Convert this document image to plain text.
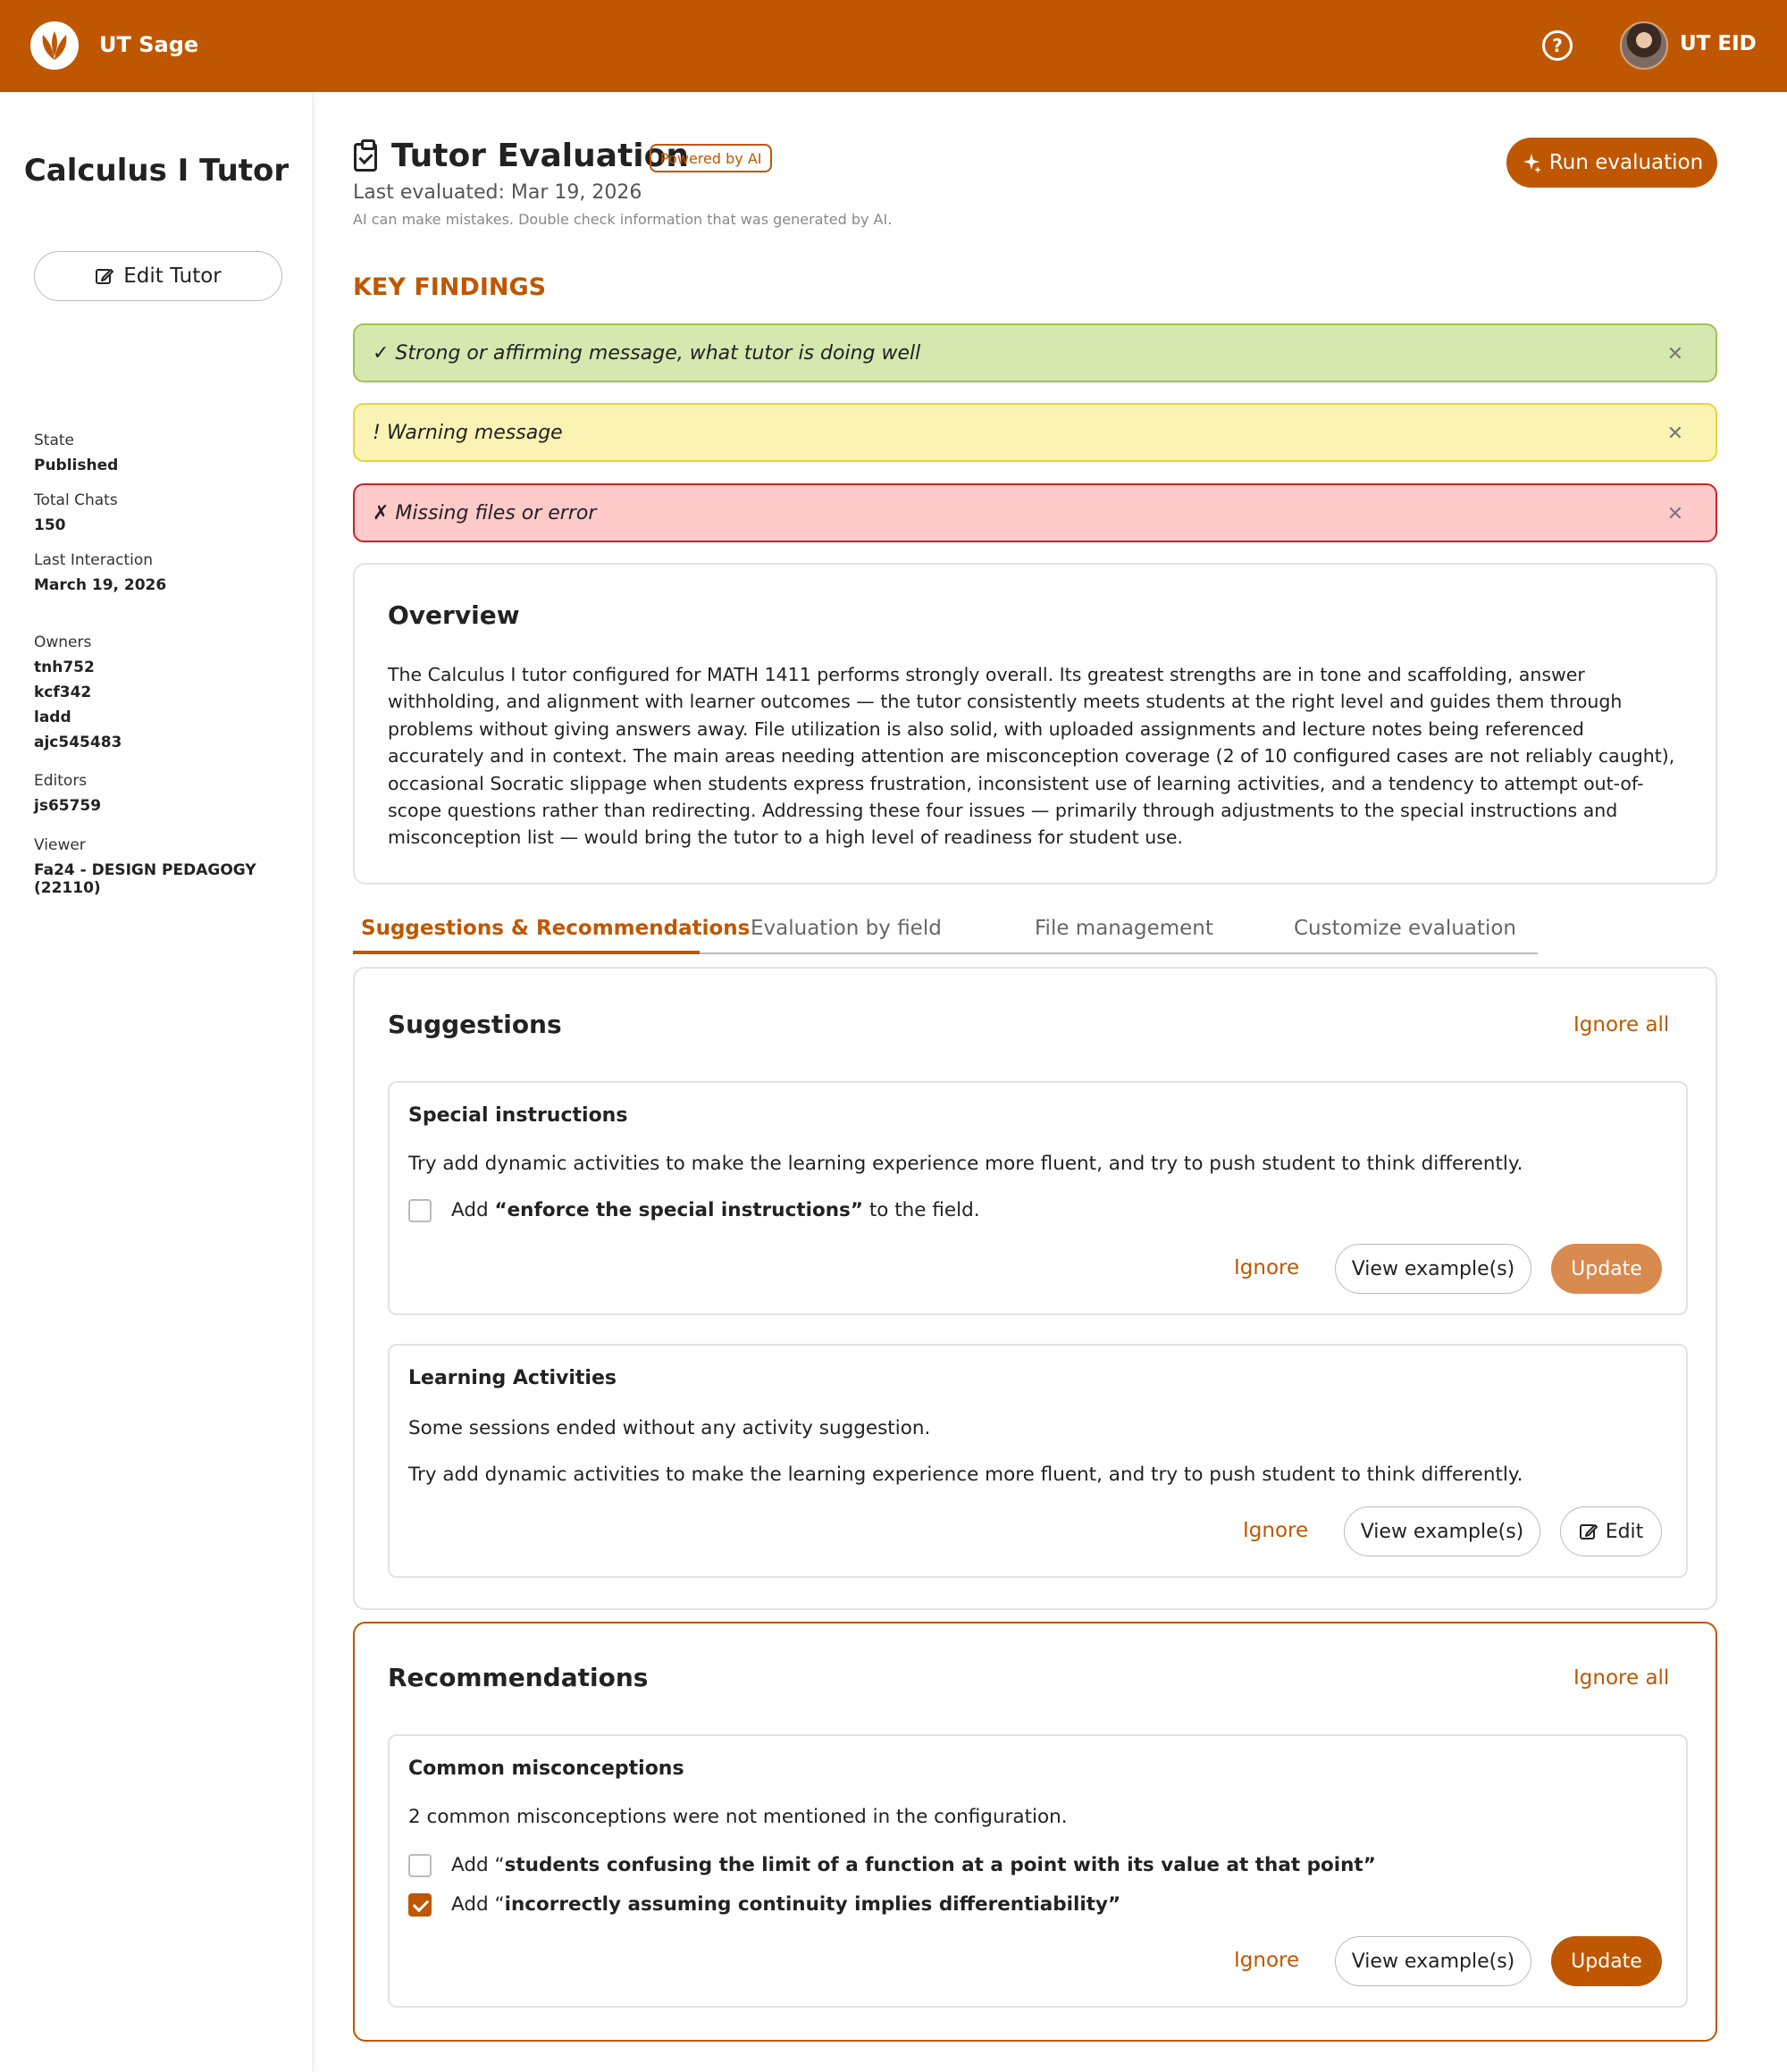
UT Sage	?	UT EID
Calculus I Tutor
Edit Tutor
State
Published
Total Chats
150
Last Interaction
March 19, 2026
Owners
tnh752
kcf342
ladd
ajc545483
Editors
js65759
Viewer
Fa24 - DESIGN PEDAGOGY (22110)
Tutor Evaluation
Powered by AI
Last evaluated: Mar 19, 2026
AI can make mistakes. Double check information that was generated by AI.
Run evaluation
KEY FINDINGS
✓ Strong or affirming message, what tutor is doing well	✕
! Warning message	✕
✗ Missing files or error	✕
Overview

The Calculus I tutor configured for MATH 1411 performs strongly overall. Its greatest strengths are in tone and scaffolding, answer withholding, and alignment with learner outcomes — the tutor consistently meets students at the right level and guides them through problems without giving answers away. File utilization is also solid, with uploaded assignments and lecture notes being referenced accurately and in context. The main areas needing attention are misconception coverage (2 of 10 configured cases are not reliably caught), occasional Socratic slippage when students express frustration, inconsistent use of learning activities, and a tendency to attempt out-of-scope questions rather than redirecting. Addressing these four issues — primarily through adjustments to the special instructions and misconception list — would bring the tutor to a high level of readiness for student use.

Suggestions & Recommendations Evaluation by field	File management	Customize evaluation
Suggestions	Ignore all
Special instructions
Try add dynamic activities to make the learning experience more fluent, and try to push student to think differently.
Add “enforce the special instructions” to the field.
Ignore	View example(s)	Update
Learning Activities
Some sessions ended without any activity suggestion.
Try add dynamic activities to make the learning experience more fluent, and try to push student to think differently.
Ignore	View example(s)	Edit
Recommendations	Ignore all
Common misconceptions
2 common misconceptions were not mentioned in the configuration.
Add “students confusing the limit of a function at a point with its value at that point”
Add “incorrectly assuming continuity implies differentiability”
Ignore	View example(s)	Update
